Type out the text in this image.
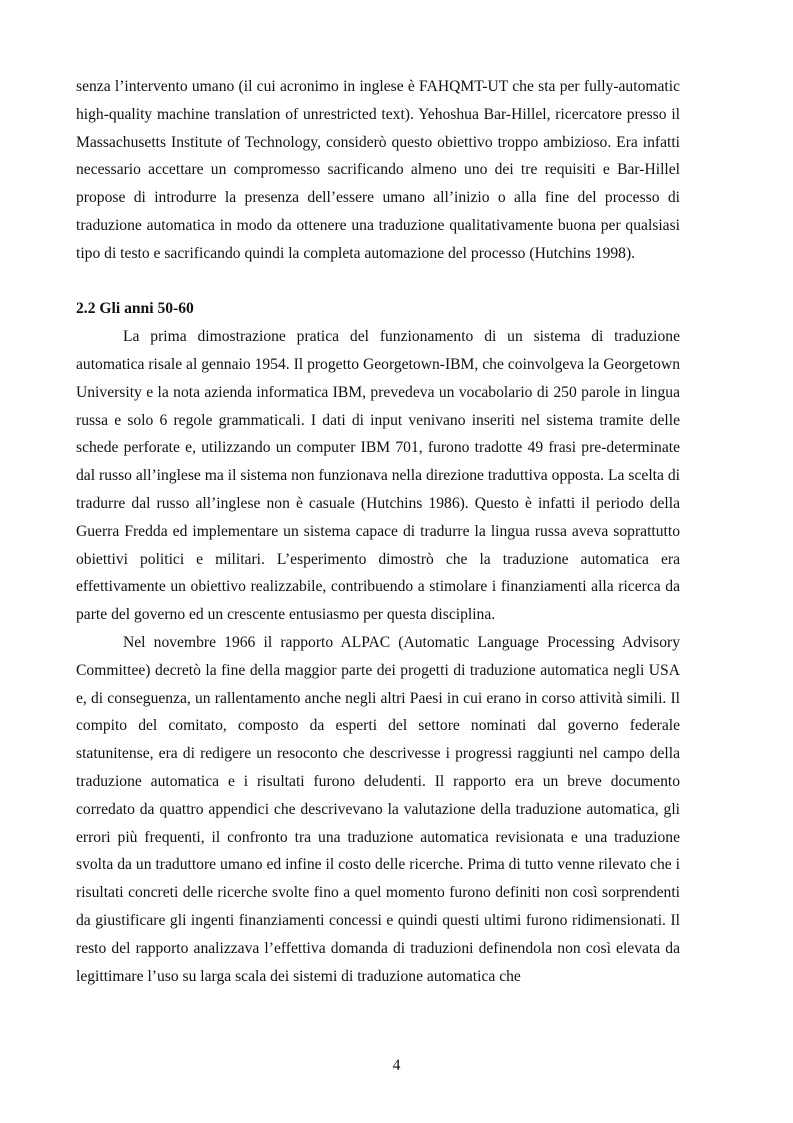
senza l’intervento umano (il cui acronimo in inglese è FAHQMT-UT che sta per fully-automatic high-quality machine translation of unrestricted text). Yehoshua Bar-Hillel, ricercatore presso il Massachusetts Institute of Technology, considerò questo obiettivo troppo ambizioso. Era infatti necessario accettare un compromesso sacrificando almeno uno dei tre requisiti e Bar-Hillel propose di introdurre la presenza dell’essere umano all’inizio o alla fine del processo di traduzione automatica in modo da ottenere una traduzione qualitativamente buona per qualsiasi tipo di testo e sacrificando quindi la completa automazione del processo (Hutchins 1998).

2.2 Gli anni 50-60

La prima dimostrazione pratica del funzionamento di un sistema di traduzione automatica risale al gennaio 1954. Il progetto Georgetown-IBM, che coinvolgeva la Georgetown University e la nota azienda informatica IBM, prevedeva un vocabolario di 250 parole in lingua russa e solo 6 regole grammaticali. I dati di input venivano inseriti nel sistema tramite delle schede perforate e, utilizzando un computer IBM 701, furono tradotte 49 frasi pre-determinate dal russo all’inglese ma il sistema non funzionava nella direzione traduttiva opposta. La scelta di tradurre dal russo all’inglese non è casuale (Hutchins 1986). Questo è infatti il periodo della Guerra Fredda ed implementare un sistema capace di tradurre la lingua russa aveva soprattutto obiettivi politici e militari. L’esperimento dimostrò che la traduzione automatica era effettivamente un obiettivo realizzabile, contribuendo a stimolare i finanziamenti alla ricerca da parte del governo ed un crescente entusiasmo per questa disciplina.

Nel novembre 1966 il rapporto ALPAC (Automatic Language Processing Advisory Committee) decretò la fine della maggior parte dei progetti di traduzione automatica negli USA e, di conseguenza, un rallentamento anche negli altri Paesi in cui erano in corso attività simili. Il compito del comitato, composto da esperti del settore nominati dal governo federale statunitense, era di redigere un resoconto che descrivesse i progressi raggiunti nel campo della traduzione automatica e i risultati furono deludenti. Il rapporto era un breve documento corredato da quattro appendici che descrivevano la valutazione della traduzione automatica, gli errori più frequenti, il confronto tra una traduzione automatica revisionata e una traduzione svolta da un traduttore umano ed infine il costo delle ricerche. Prima di tutto venne rilevato che i risultati concreti delle ricerche svolte fino a quel momento furono definiti non così sorprendenti da giustificare gli ingenti finanziamenti concessi e quindi questi ultimi furono ridimensionati. Il resto del rapporto analizzava l’effettiva domanda di traduzioni definendola non così elevata da legittimare l’uso su larga scala dei sistemi di traduzione automatica che

4
